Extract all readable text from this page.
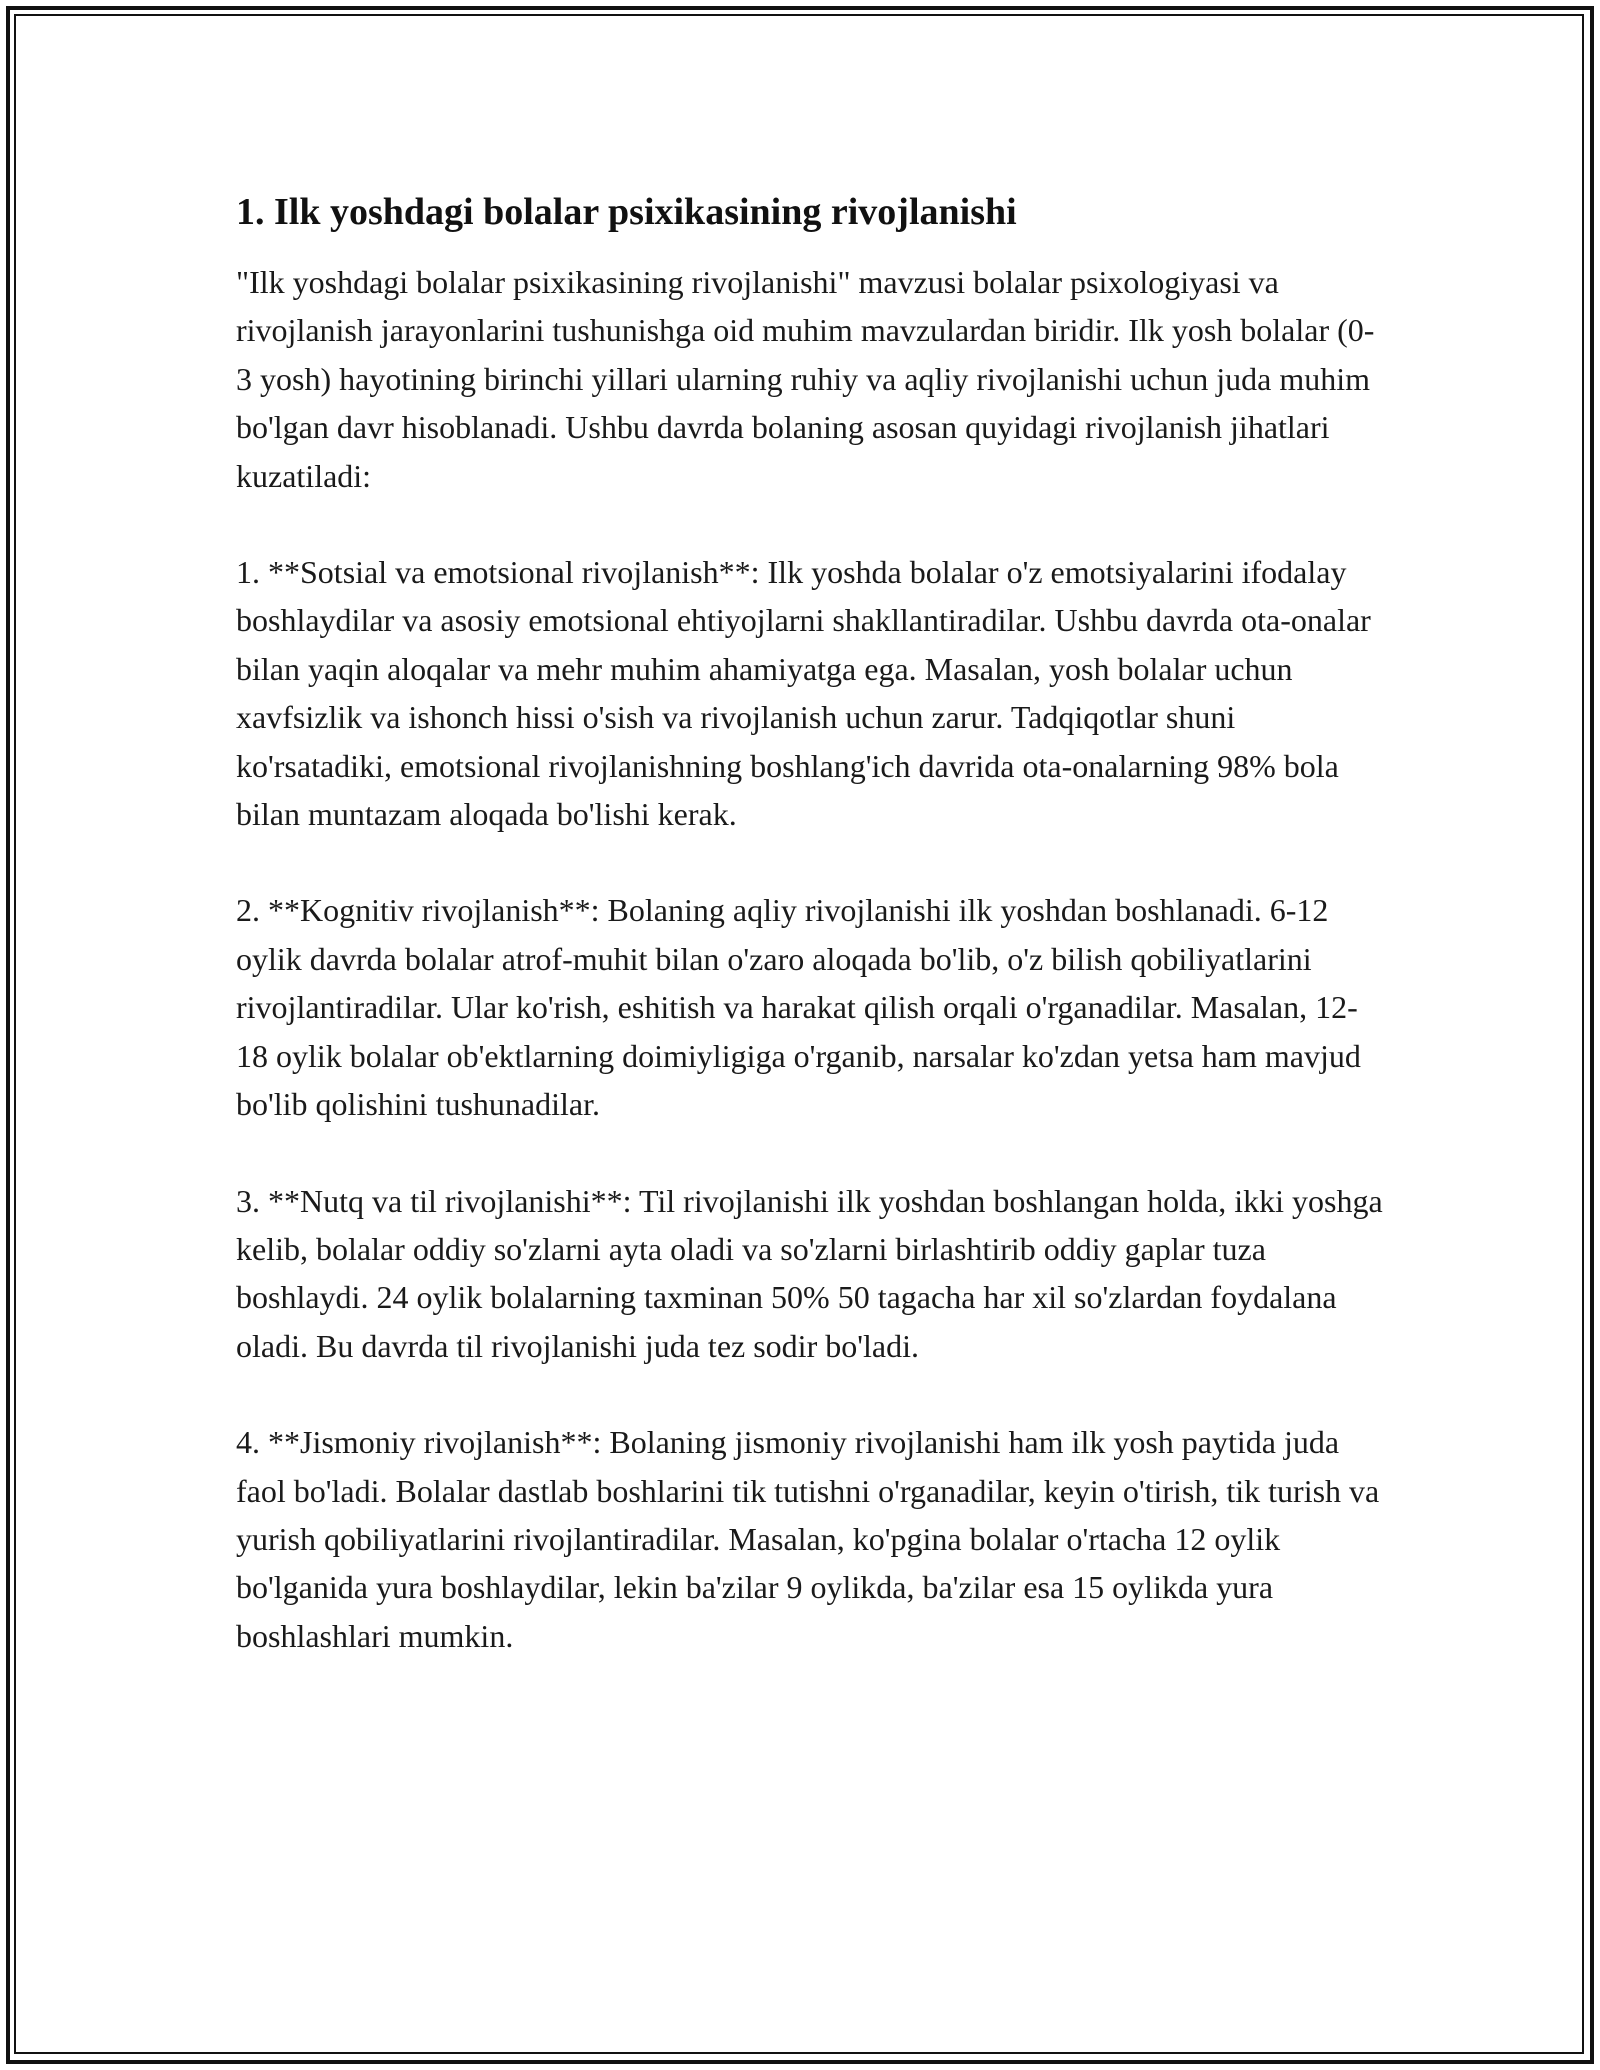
1. Ilk yoshdagi bolalar psixikasining rivojlanishi

"Ilk yoshdagi bolalar psixikasining rivojlanishi" mavzusi bolalar psixologiyasi va rivojlanish jarayonlarini tushunishga oid muhim mavzulardan biridir. Ilk yosh bolalar (0-3 yosh) hayotining birinchi yillari ularning ruhiy va aqliy rivojlanishi uchun juda muhim bo'lgan davr hisoblanadi. Ushbu davrda bolaning asosan quyidagi rivojlanish jihatlari kuzatiladi:

1. **Sotsial va emotsional rivojlanish**: Ilk yoshda bolalar o'z emotsiyalarini ifodalay boshlaydilar va asosiy emotsional ehtiyojlarni shakllantiradilar. Ushbu davrda ota-onalar bilan yaqin aloqalar va mehr muhim ahamiyatga ega. Masalan, yosh bolalar uchun xavfsizlik va ishonch hissi o'sish va rivojlanish uchun zarur. Tadqiqotlar shuni ko'rsatadiki, emotsional rivojlanishning boshlang'ich davrida ota-onalarning 98% bola bilan muntazam aloqada bo'lishi kerak.

2. **Kognitiv rivojlanish**: Bolaning aqliy rivojlanishi ilk yoshdan boshlanadi. 6-12 oylik davrda bolalar atrof-muhit bilan o'zaro aloqada bo'lib, o'z bilish qobiliyatlarini rivojlantiradilar. Ular ko'rish, eshitish va harakat qilish orqali o'rganadilar. Masalan, 12-18 oylik bolalar ob'ektlarning doimiyligiga o'rganib, narsalar ko'zdan yetsa ham mavjud bo'lib qolishini tushunadilar.

3. **Nutq va til rivojlanishi**: Til rivojlanishi ilk yoshdan boshlangan holda, ikki yoshga kelib, bolalar oddiy so'zlarni ayta oladi va so'zlarni birlashtirib oddiy gaplar tuza boshlaydi. 24 oylik bolalarning taxminan 50% 50 tagacha har xil so'zlardan foydalana oladi. Bu davrda til rivojlanishi juda tez sodir bo'ladi.

4. **Jismoniy rivojlanish**: Bolaning jismoniy rivojlanishi ham ilk yosh paytida juda faol bo'ladi. Bolalar dastlab boshlarini tik tutishni o'rganadilar, keyin o'tirish, tik turish va yurish qobiliyatlarini rivojlantiradilar. Masalan, ko'pgina bolalar o'rtacha 12 oylik bo'lganida yura boshlaydilar, lekin ba'zilar 9 oylikda, ba'zilar esa 15 oylikda yura boshlashlari mumkin.
